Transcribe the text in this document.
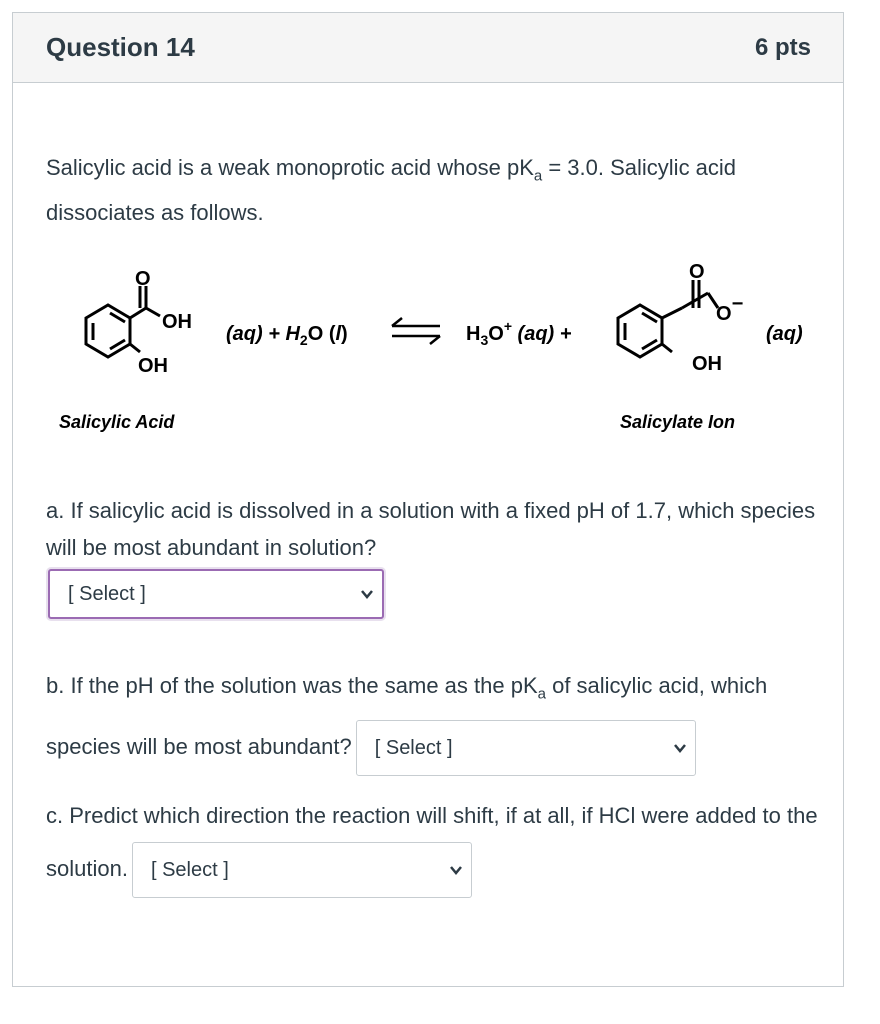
Question 14	6 pts
Salicylic acid is a weak monoprotic acid whose $pK_a = 3.0$. Salicylic acid dissociates as follows.
O
OH
OH
$(aq) + H_2O$ (l)	$H_3O^+$ (aq) +
O
O−
OH
(aq)
Salicylic Acid	Salicylate Ion
a. If salicylic acid is dissolved in a solution with a fixed pH of 1.7, which species will be most abundant in solution?
[ Select ]
b. If the pH of the solution was the same as the $pK_a$ of salicylic acid, which species will be most abundant? [ Select ]
c. Predict which direction the reaction will shift, if at all, if HCl were added to the solution. [ Select ]
